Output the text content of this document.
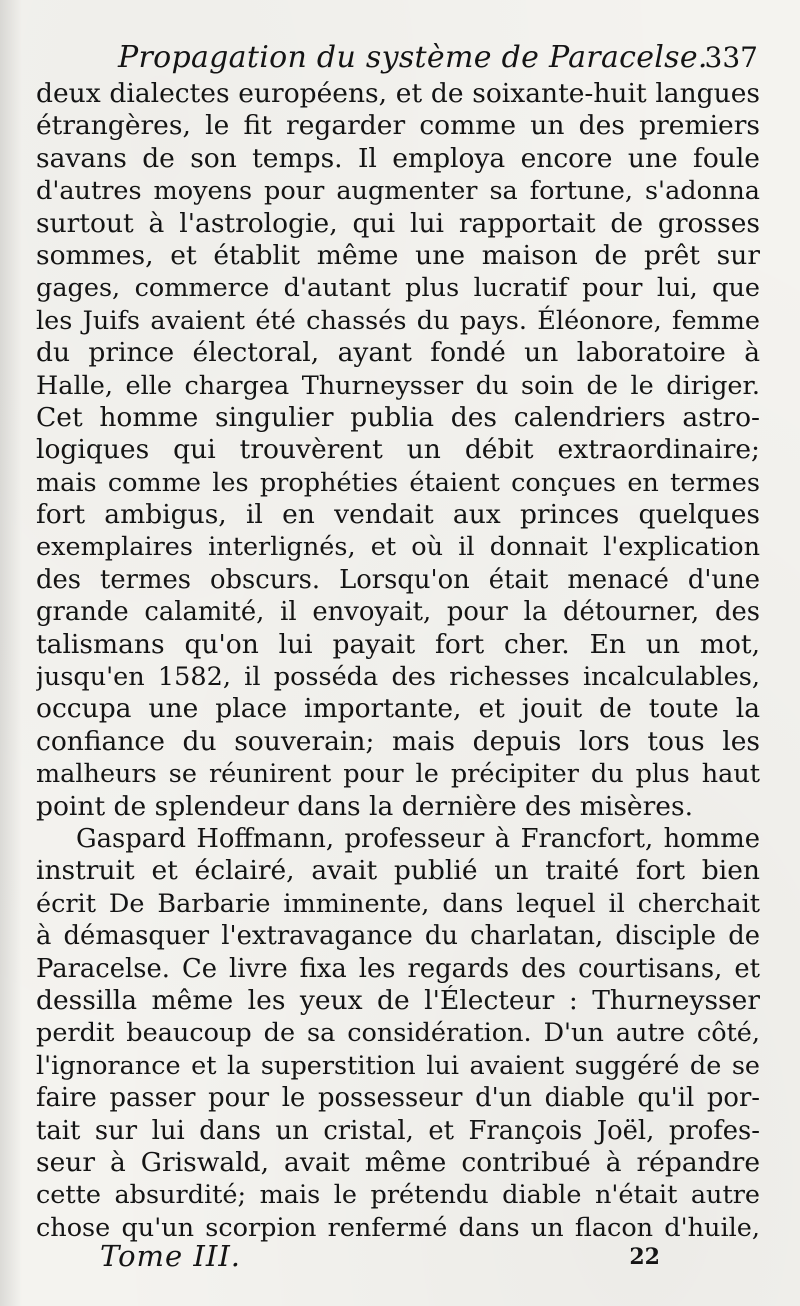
Propagation du système de Paracelse.
337
deux dialectes européens, et de soixante-huit langues
étrangères, le fit regarder comme un des premiers
savans de son temps. Il employa encore une foule
d'autres moyens pour augmenter sa fortune, s'adonna
surtout à l'astrologie, qui lui rapportait de grosses
sommes, et établit même une maison de prêt sur
gages, commerce d'autant plus lucratif pour lui, que
les Juifs avaient été chassés du pays. Éléonore, femme
du prince électoral, ayant fondé un laboratoire à
Halle, elle chargea Thurneysser du soin de le diriger.
Cet homme singulier publia des calendriers astro-
logiques qui trouvèrent un débit extraordinaire;
mais comme les prophéties étaient conçues en termes
fort ambigus, il en vendait aux princes quelques
exemplaires interlignés, et où il donnait l'explication
des termes obscurs. Lorsqu'on était menacé d'une
grande calamité, il envoyait, pour la détourner, des
talismans qu'on lui payait fort cher. En un mot,
jusqu'en 1582, il posséda des richesses incalculables,
occupa une place importante, et jouit de toute la
confiance du souverain; mais depuis lors tous les
malheurs se réunirent pour le précipiter du plus haut
point de splendeur dans la dernière des misères.
Gaspard Hoffmann, professeur à Francfort, homme
instruit et éclairé, avait publié un traité fort bien
écrit De Barbarie imminente, dans lequel il cherchait
à démasquer l'extravagance du charlatan, disciple de
Paracelse. Ce livre fixa les regards des courtisans, et
dessilla même les yeux de l'Électeur : Thurneysser
perdit beaucoup de sa considération. D'un autre côté,
l'ignorance et la superstition lui avaient suggéré de se
faire passer pour le possesseur d'un diable qu'il por-
tait sur lui dans un cristal, et François Joël, profes-
seur à Griswald, avait même contribué à répandre
cette absurdité; mais le prétendu diable n'était autre
chose qu'un scorpion renfermé dans un flacon d'huile,
Tome III.	22
